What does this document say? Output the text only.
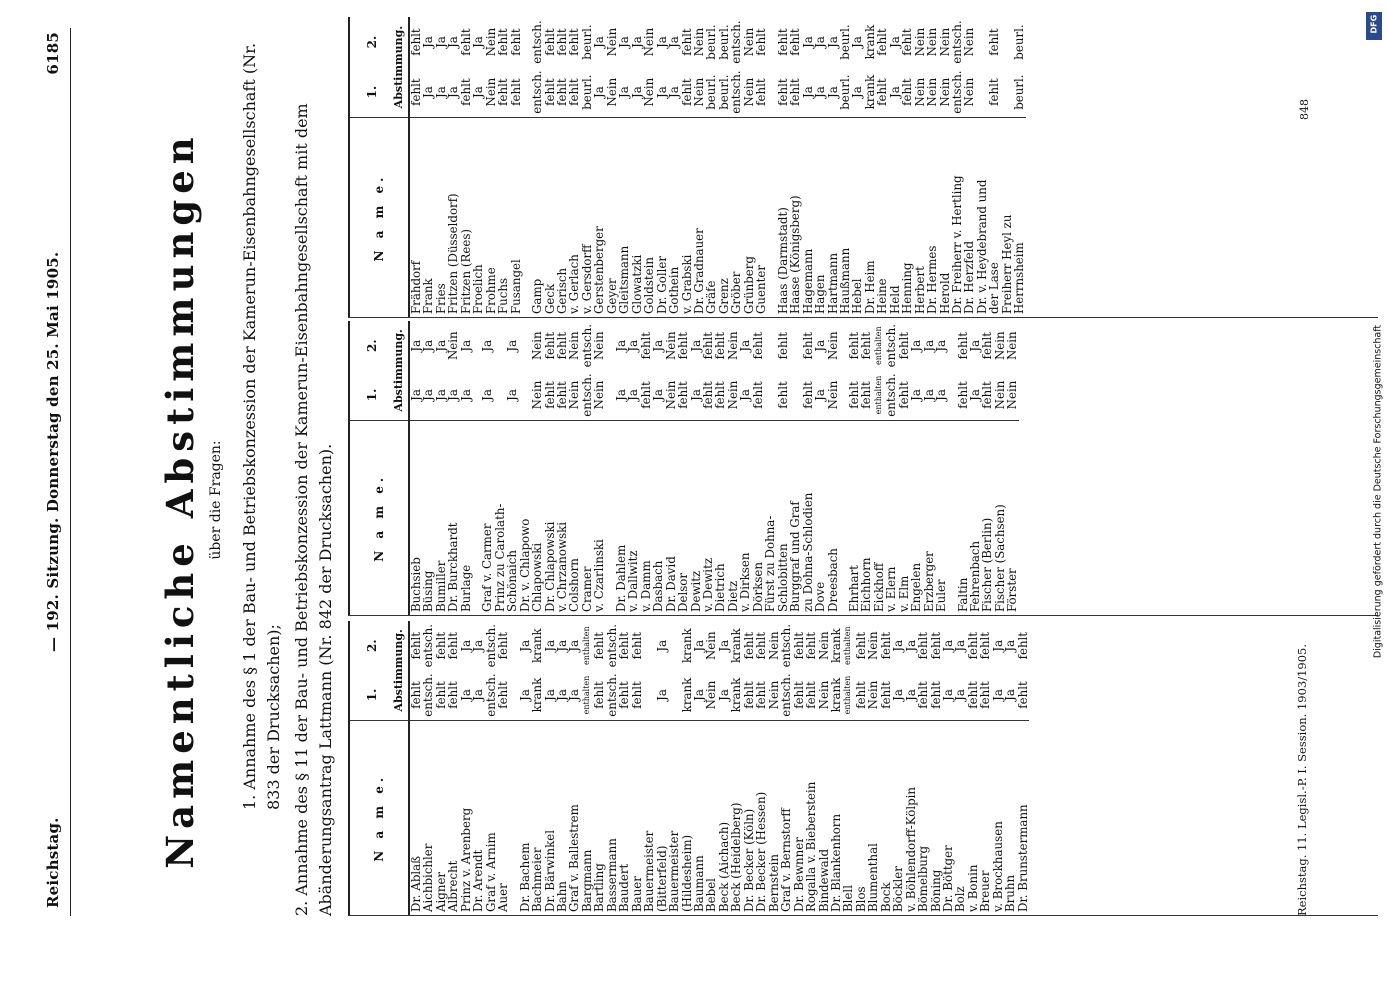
Reichstag.
— 192. Sitzung. Donnerstag den 25. Mai 1905.
6185
Namentliche Abstimmungen über die Fragen: 1. Annahme des § 1 der Bau- und Betriebskonzession der Kamerun-Eisenbahngesellschaft (Nr. 833 der Drucksachen); 2. Annahme des § 11 der Bau- und Betriebskonzession der Kamerun-Eisenbahngesellschaft mit dem Abänderungsantrag Lattmann (Nr. 842 der Drucksachen).	N a m e.	1.	2.
	Abstimmung.	
Dr. Ablaß	fehlt	fehlt
Aichbichler	entsch.	entsch.
Aigner	fehlt	fehlt
Albrecht	fehlt	fehlt
Prinz v. Arenberg	Ja	Ja
Dr. Arendt	Ja	Ja
Graf v. Arnim	entsch.	entsch.
Auer	fehlt	fehlt

Dr. Bachem	Ja	Ja
Bachmeier	krank	krank
Dr. Bärwinkel	Ja	Ja
Bahn	Ja	Ja
Graf v. Ballestrem	Ja	Ja
Bargmann	enthalten	enthalten
Bartling	fehlt	fehlt
Bassermann	entsch.	entsch.
Baudert	fehlt	fehlt
Bauer	fehlt	fehlt
Bauermeister		
(Bitterfeld)	Ja	Ja
Bauermeister		
(Hildesheim)	krank	krank
Baumann	Ja	Ja
Bebel	Nein	Nein
Beck (Aichach)	Ja	Ja
Beck (Heidelberg)	krank	krank
Dr. Becker (Köln)	fehlt	fehlt
Dr. Becker (Hessen)	fehlt	fehlt
Bernstein	Nein	Nein
Graf v. Bernstorff	entsch.	entsch.
Dr. Bewnner	fehlt	fehlt
Rogalla v. Bieberstein	fehlt	fehlt
Bindewald	Nein	Nein
Dr. Blankenhorn	krank	krank
Blell	enthalten	enthalten
Blos	fehlt	fehlt
Blumenthal	Nein	Nein
Bock	fehlt	fehlt
Böckler	Ja	Ja
v. Böhlendorff-Kölpin	Ja	Ja
Bömelburg	fehlt	fehlt
Böning	fehlt	fehlt
Dr. Böttger	Ja	Ja
Bolz	Ja	Ja
v. Bonin	fehlt	fehlt
Breuer	fehlt	fehlt
v. Brockhausen	Ja	Ja
Bruhn	Ja	Ja
Dr. Brunstermann	fehlt	fehlt
N a m e.	1.	2.
	Abstimmung.	
Buchsieb	Ja	Ja
Büsing	Ja	Ja
Bumiller	Ja	Ja
Dr. Burckhardt	Ja	Nein
Burlage	Ja	Ja

Graf v. Carmer	Ja	Ja
Prinz zu Carolath-		
Schönaich	Ja	Ja
Dr. v. Chlapowo		
Chlapowski	Nein	Nein
Dr. Chlapowski	fehlt	fehlt
v. Chrzanowski	fehlt	fehlt
Colshorn	Nein	Nein
Cramer	entsch.	entsch.
v. Czarlinski	Nein	Nein

Dr. Dahlem	Ja	Ja
v. Dallwitz	Ja	Ja
v. Damm	fehlt	fehlt
Dasbach	Ja	Ja
Dr. David	Nein	Nein
Delsor	fehlt	fehlt
Dewitz	Ja	Ja
v. Dewitz	fehlt	fehlt
Dietrich	fehlt	fehlt
Dietz	Nein	Nein
v. Dirksen	Ja	Ja
Dörksen	fehlt	fehlt
Fürst zu Dohna-		
Schlobitten	fehlt	fehlt
Burggraf und Graf		
zu Dohna-Schlodien	fehlt	fehlt
Dove	Ja	Ja
Dreesbach	Nein	Nein

Ehrhart	fehlt	fehlt
Eichhorn	fehlt	fehlt
Eickhoff	enthalten	enthalten
v. Elern	entsch.	entsch.
v. Elm	fehlt	fehlt
Engelen	Ja	Ja
Erzberger	Ja	Ja
Euler	Ja	Ja

Faltin	fehlt	fehlt
Fehrenbach	Ja	Ja
Fischer (Berlin)	fehlt	fehlt
Fischer (Sachsen)	Nein	Nein
Förster	Nein	Nein
N a m e.	1.	2.
	Abstimmung.	
Frähdorf	fehlt	fehlt
Frank	Ja	Ja
Fries	Ja	Ja
Fritzen (Düsseldorf)	Ja	Ja
Fritzen (Rees)	fehlt	fehlt
Froelich	Ja	Ja
Frohme	Nein	Nein
Fuchs	fehlt	fehlt
Fusangel	fehlt	fehlt

Gamp	entsch.	entsch.
Geck	fehlt	fehlt
Gerisch	fehlt	fehlt
v. Gerlach	fehlt	fehlt
v. Gersdorff	beurl.	beurl.
Gerstenberger	Ja	Ja
Geyer	Nein	Nein
Gleitsmann	Ja	Ja
Glowatzki	Ja	Ja
Goldstein	Nein	Nein
Dr. Goller	Ja	Ja
Gothein	Ja	Ja
v. Grabski	fehlt	fehlt
Dr. Gradnauer	Nein	Nein
Gräfe	beurl.	beurl.
Grenz	beurl.	beurl.
Gröber	entsch.	entsch.
Grünberg	Nein	Nein
Guenter	fehlt	fehlt

Haas (Darmstadt)	fehlt	fehlt
Haase (Königsberg)	fehlt	fehlt
Hagemann	Ja	Ja
Hagen	Ja	Ja
Hartmann	Ja	Ja
Haußmann	beurl.	beurl.
Hebel	Ja	Ja
Dr. Heim	krank	krank
Heine	fehlt	fehlt
Held	Ja	Ja
Henning	fehlt	fehlt
Herbert	Nein	Nein
Dr. Hermes	Nein	Nein
Herold	Nein	Nein
Dr. Freiherr v. Hertling	entsch.	entsch.
Dr. Herzfeld	Nein	Nein
Dr. v. Heydebrand und		
der Lase	fehlt	fehlt
Freiherr Heyl zu		
Herrnsheim	beurl.	beurl.
Reichstag. 11. Legisl.-P. I. Session. 1903/1905.
848
DFG
Digitalisierung gefördert durch die Deutsche Forschungsgemeinschaft
